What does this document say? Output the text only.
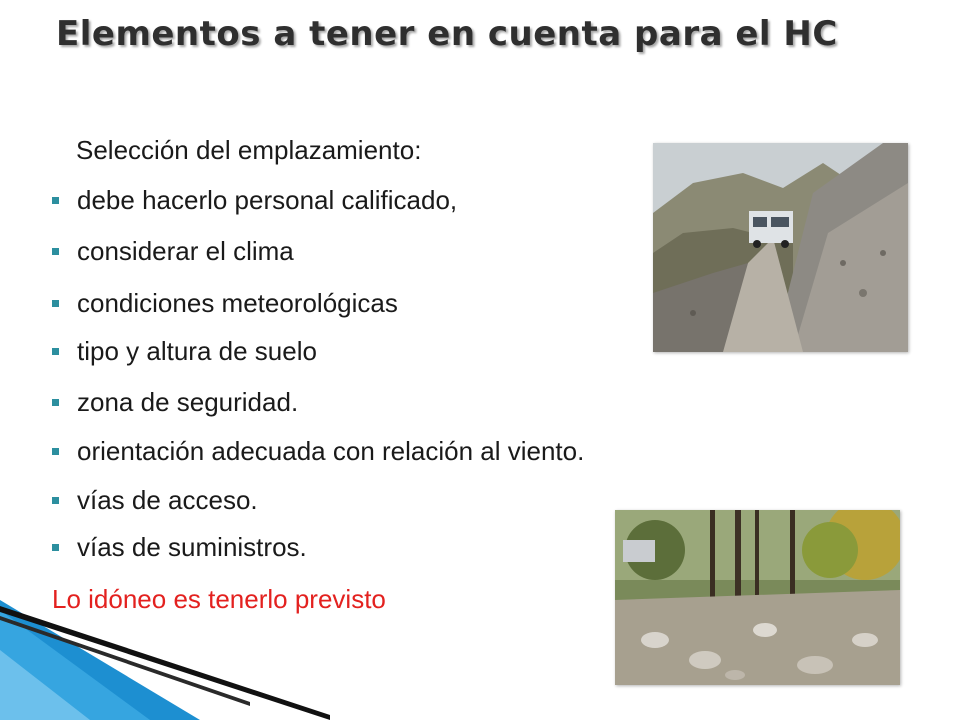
Elementos a tener en cuenta para el HC
Selección del emplazamiento:
debe hacerlo personal calificado,
considerar el clima
condiciones meteorológicas
tipo y altura de suelo
zona de seguridad.
orientación adecuada con relación al viento.
vías de acceso.
vías de suministros.
Lo idóneo es tenerlo previsto
